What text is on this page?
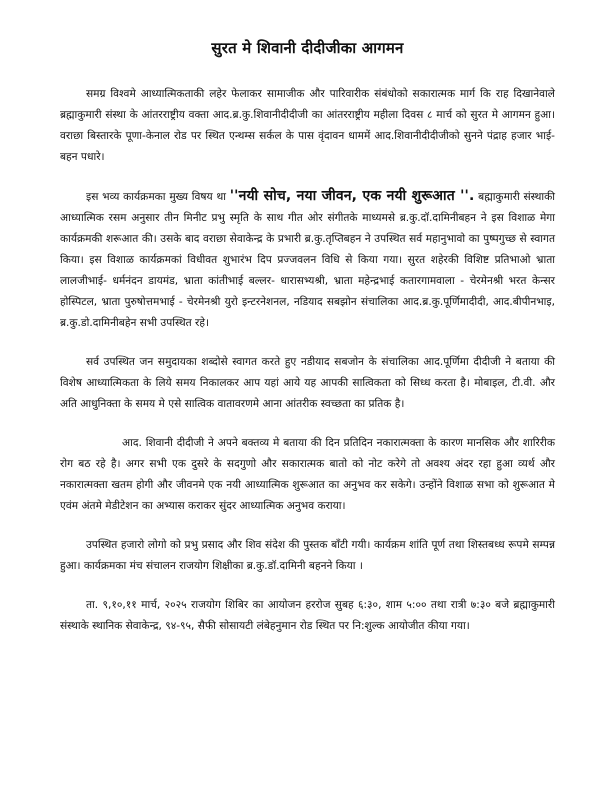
सुरत मे शिवानी दीदीजीका आगमन

समग्र विश्वमे आध्यात्मिकताकी लहेर फेलाकर सामाजीक और पारिवारीक संबंधोको सकारात्मक मार्ग कि राह दिखानेवाले ब्रह्माकुमारी संस्था के आंतरराष्ट्रीय वक्ता आद.ब्र.कु.शिवानीदीदीजी का आंतरराष्ट्रीय महीला दिवस ८ मार्च को सुरत मे आगमन हुआ। वराछा बिस्तारके पूणा-केनाल रोड पर स्थित एन्थम्स सर्कल के पास वृंदावन धाममें आद.शिवानीदीदीजीको सुनने पंद्राह हजार भाई-बहन पधारे।

इस भव्य कार्यक्रमका मुख्य विषय था ''नयी सोच, नया जीवन, एक नयी शुरूआत ''. बह्माकुमारी संस्थाकी आध्यात्मिक रसम अनुसार तीन मिनीट प्रभु स्मृति के साथ गीत ओर संगीतके माध्यमसे ब्र.कु.दॉ.दामिनीबहन ने इस विशाळ मेगा कार्यक्रमकी शरूआत की। उसके बाद वराछा सेवाकेन्द्र के प्रभारी ब्र.कु.तृप्तिबहन ने उपस्थित सर्व महानुभावो का पुष्पगुच्छ से स्वागत किया। इस विशाळ कार्यक्रमकां विधीवत शुभारंभ दिप प्रज्जवलन विधि से किया गया। सुरत शहेरकी विशिष्ट प्रतिभाओ भ्राता लालजीभाई- धर्मनंदन डायमंड, भ्राता कांतीभाई बल्लर- धारासभ्यश्री, भ्राता महेन्द्रभाई कतारगामवाला - चेरमेनश्री भरत केन्सर होस्पिटल, भ्राता पुरुषोत्तमभाई - चेरमेनश्री युरो इन्टरनेशनल, नडियाद सबझोन संचालिका आद.ब्र.कु.पूर्णिमादीदी, आद.बीपीनभाइ, ब्र.कु.डो.दामिनीबहेन सभी उपस्थित रहे।

सर्व उपस्थित जन समुदायका शब्दोसे स्वागत करते हुए नडीयाद सबजोन के संचालिका आद.पूर्णिमा दीदीजी ने बताया की विशेष आध्यात्मिकता के लिये समय निकालकर आप यहां आये यह आपकी सात्विकता को सिध्ध करता है। मोबाइल, टी.वी. और अति आधुनिक्ता के समय मे एसे सात्विक वातावरणमे आना आंतरीक स्वच्छता का प्रतिक है।

आद. शिवानी दीदीजी ने अपने बक्तव्य मे बताया की दिन प्रतिदिन नकारात्मक्ता के कारण मानसिक और शारिरीक रोग बठ रहे है। अगर सभी एक दुसरे के सदगुणो और सकारात्मक बातो को नोट करेगे तो अवश्य अंदर रहा हुआ व्यर्थ और नकारात्मक्ता खतम होगी और जीवनमे एक नयी आध्यात्मिक शुरूआत का अनुभव कर सकेगे। उन्होंने विशाळ सभा को शुरूआत मे एवंम अंतमे मेडीटेशन का अभ्यास कराकर सुंदर आध्यात्मिक अनुभव कराया।

उपस्थित हजारो लोगो को प्रभु प्रसाद और शिव संदेश की पुस्तक बाँटी गयी। कार्यक्रम शांति पूर्ण तथा शिस्तबध्ध रूपमे सम्पन्न हुआ। कार्यक्रमका मंच संचालन राजयोग शिक्षीका ब्र.कु.डॉ.दामिनी बहनने किया ।

ता. ९,१०,११ मार्च, २०२५ राजयोग शिबिर का आयोजन हररोज सुबह ६:३०, शाम ५:०० तथा रात्री ७:३० बजे ब्रह्माकुमारी संस्थाके स्थानिक सेवाकेन्द्र, ९४-९५, सैफी सोसायटी लंबेहनुमान रोड स्थित पर नि:शुल्क आयोजीत कीया गया।
